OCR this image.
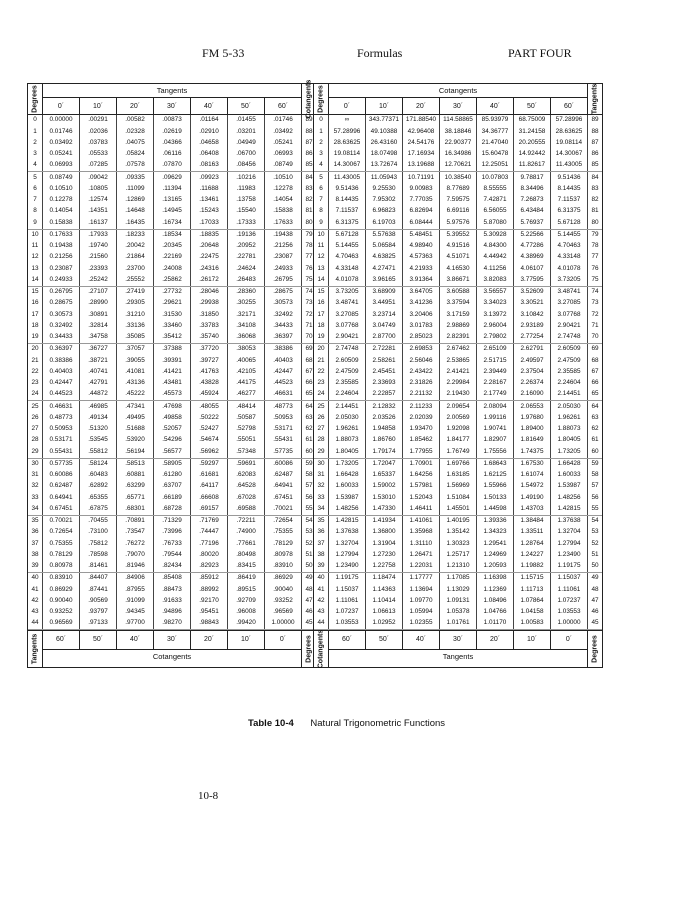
FM 5-33	Formulas	PART FOUR
Degrees	Tangents
0´	10´	20´	30´	40´	50´	60´	Cotangents
0	0.00000	.00291	.00582	.00873	.01164	.01455	.01746	89
1	0.01746	.02036	.02328	.02619	.02910	.03201	.03492	88
2	0.03492	.03783	.04075	.04366	.04658	.04949	.05241	87
3	0.05241	.05533	.05824	.06116	.06408	.06700	.06993	86
4	0.06993	.07285	.07578	.07870	.08163	.08456	.08749	85
5	0.08749	.09042	.09335	.09629	.09923	.10216	.10510	84
6	0.10510	.10805	.11099	.11394	.11688	.11983	.12278	83
7	0.12278	.12574	.12869	.13165	.13461	.13758	.14054	82
8	0.14054	.14351	.14648	.14945	.15243	.15540	.15838	81
9	0.15838	.16137	.16435	.16734	.17033	.17333	.17633	80
10	0.17633	.17933	.18233	.18534	.18835	.19136	.19438	79
11	0.19438	.19740	.20042	.20345	.20648	.20952	.21256	78
12	0.21256	.21560	.21864	.22169	.22475	.22781	.23087	77
13	0.23087	.23393	.23700	.24008	.24316	.24624	.24933	76
14	0.24933	.25242	.25552	.25862	.26172	.26483	.26795	75
15	0.26795	.27107	.27419	.27732	.28046	.28360	.28675	74
16	0.28675	.28990	.29305	.29621	.29938	.30255	.30573	73
17	0.30573	.30891	.31210	.31530	.31850	.32171	.32492	72
18	0.32492	.32814	.33136	.33460	.33783	.34108	.34433	71
19	0.34433	.34758	.35085	.35412	.35740	.36068	.36397	70
20	0.36397	.36727	.37057	.37388	.37720	.38053	.38386	69
21	0.38386	.38721	.39055	.39391	.39727	.40065	.40403	68
22	0.40403	.40741	.41081	.41421	.41763	.42105	.42447	67
23	0.42447	.42791	.43136	.43481	.43828	.44175	.44523	66
24	0.44523	.44872	.45222	.45573	.45924	.46277	.46631	65
25	0.46631	.46985	.47341	.47698	.48055	.48414	.48773	64
26	0.48773	.49134	.49495	.49858	.50222	.50587	.50953	63
27	0.50953	.51320	.51688	.52057	.52427	.52798	.53171	62
28	0.53171	.53545	.53920	.54296	.54674	.55051	.55431	61
29	0.55431	.55812	.56194	.56577	.56962	.57348	.57735	60
30	0.57735	.58124	.58513	.58905	.59297	.59691	.60086	59
31	0.60086	.60483	.60881	.61280	.61681	.62083	.62487	58
32	0.62487	.62892	.63299	.63707	.64117	.64528	.64941	57
33	0.64941	.65355	.65771	.66189	.66608	.67028	.67451	56
34	0.67451	.67875	.68301	.68728	.69157	.69588	.70021	55
35	0.70021	.70455	.70891	.71329	.71769	.72211	.72654	54
36	0.72654	.73100	.73547	.73996	.74447	.74900	.75355	53
37	0.75355	.75812	.76272	.76733	.77196	.77661	.78129	52
38	0.78129	.78598	.79070	.79544	.80020	.80498	.80978	51
39	0.80978	.81461	.81946	.82434	.82923	.83415	.83910	50
40	0.83910	.84407	.84906	.85408	.85912	.86419	.86929	49
41	0.86929	.87441	.87955	.88473	.88992	.89515	.90040	48
42	0.90040	.90569	.91099	.91633	.92170	.92709	.93252	47
43	0.93252	.93797	.94345	.94896	.95451	.96008	.96569	46
44	0.96569	.97133	.97700	.98270	.98843	.99420	1.00000	45
Tangents	60´	50´	40´	30´	20´	10´	0´
Cotangents	Degrees
Degrees	Cotangents
0´	10´	20´	30´	40´	50´	60´	Tangents
0	∞	343.77371	171.88540	114.58865	85.93979	68.75009	57.28996	89
1	57.28996	49.10388	42.96408	38.18846	34.36777	31.24158	28.63625	88
2	28.63625	26.43160	24.54176	22.90377	21.47040	20.20555	19.08114	87
3	19.08114	18.07498	17.16934	16.34986	15.60478	14.92442	14.30067	86
4	14.30067	13.72674	13.19688	12.70621	12.25051	11.82617	11.43005	85
5	11.43005	11.05943	10.71191	10.38540	10.07803	9.78817	9.51436	84
6	9.51436	9.25530	9.00983	8.77689	8.55555	8.34496	8.14435	83
7	8.14435	7.95302	7.77035	7.59575	7.42871	7.26873	7.11537	82
8	7.11537	6.96823	6.82694	6.69116	6.56055	6.43484	6.31375	81
9	6.31375	6.19703	6.08444	5.97576	5.87080	5.76937	5.67128	80
10	5.67128	5.57638	5.48451	5.39552	5.30928	5.22566	5.14455	79
11	5.14455	5.06584	4.98940	4.91516	4.84300	4.77286	4.70463	78
12	4.70463	4.63825	4.57363	4.51071	4.44942	4.38969	4.33148	77
13	4.33148	4.27471	4.21933	4.16530	4.11256	4.06107	4.01078	76
14	4.01078	3.96165	3.91364	3.86671	3.82083	3.77595	3.73205	75
15	3.73205	3.68909	3.64705	3.60588	3.56557	3.52609	3.48741	74
16	3.48741	3.44951	3.41236	3.37594	3.34023	3.30521	3.27085	73
17	3.27085	3.23714	3.20406	3.17159	3.13972	3.10842	3.07768	72
18	3.07768	3.04749	3.01783	2.98869	2.96004	2.93189	2.90421	71
19	2.90421	2.87700	2.85023	2.82391	2.79802	2.77254	2.74748	70
20	2.74748	2.72281	2.69853	2.67462	2.65109	2.62791	2.60509	69
21	2.60509	2.58261	2.56046	2.53865	2.51715	2.49597	2.47509	68
22	2.47509	2.45451	2.43422	2.41421	2.39449	2.37504	2.35585	67
23	2.35585	2.33693	2.31826	2.29984	2.28167	2.26374	2.24604	66
24	2.24604	2.22857	2.21132	2.19430	2.17749	2.16090	2.14451	65
25	2.14451	2.12832	2.11233	2.09654	2.08094	2.06553	2.05030	64
26	2.05030	2.03526	2.02039	2.00569	1.99116	1.97680	1.96261	63
27	1.96261	1.94858	1.93470	1.92098	1.90741	1.89400	1.88073	62
28	1.88073	1.86760	1.85462	1.84177	1.82907	1.81649	1.80405	61
29	1.80405	1.79174	1.77955	1.76749	1.75556	1.74375	1.73205	60
30	1.73205	1.72047	1.70901	1.69766	1.68643	1.67530	1.66428	59
31	1.66428	1.65337	1.64256	1.63185	1.62125	1.61074	1.60033	58
32	1.60033	1.59002	1.57981	1.56969	1.55966	1.54972	1.53987	57
33	1.53987	1.53010	1.52043	1.51084	1.50133	1.49190	1.48256	56
34	1.48256	1.47330	1.46411	1.45501	1.44598	1.43703	1.42815	55
35	1.42815	1.41934	1.41061	1.40195	1.39336	1.38484	1.37638	54
36	1.37638	1.36800	1.35968	1.35142	1.34323	1.33511	1.32704	53
37	1.32704	1.31904	1.31110	1.30323	1.29541	1.28764	1.27994	52
38	1.27994	1.27230	1.26471	1.25717	1.24969	1.24227	1.23490	51
39	1.23490	1.22758	1.22031	1.21310	1.20593	1.19882	1.19175	50
40	1.19175	1.18474	1.17777	1.17085	1.16398	1.15715	1.15037	49
41	1.15037	1.14363	1.13694	1.13029	1.12369	1.11713	1.11061	48
42	1.11061	1.10414	1.09770	1.09131	1.08496	1.07864	1.07237	47
43	1.07237	1.06613	1.05994	1.05378	1.04766	1.04158	1.03553	46
44	1.03553	1.02952	1.02355	1.01761	1.01170	1.00583	1.00000	45
Cotangents	60´	50´	40´	30´	20´	10´	0´
Tangents	Degrees
Table 10-4 Natural Trigonometric Functions
10-8
